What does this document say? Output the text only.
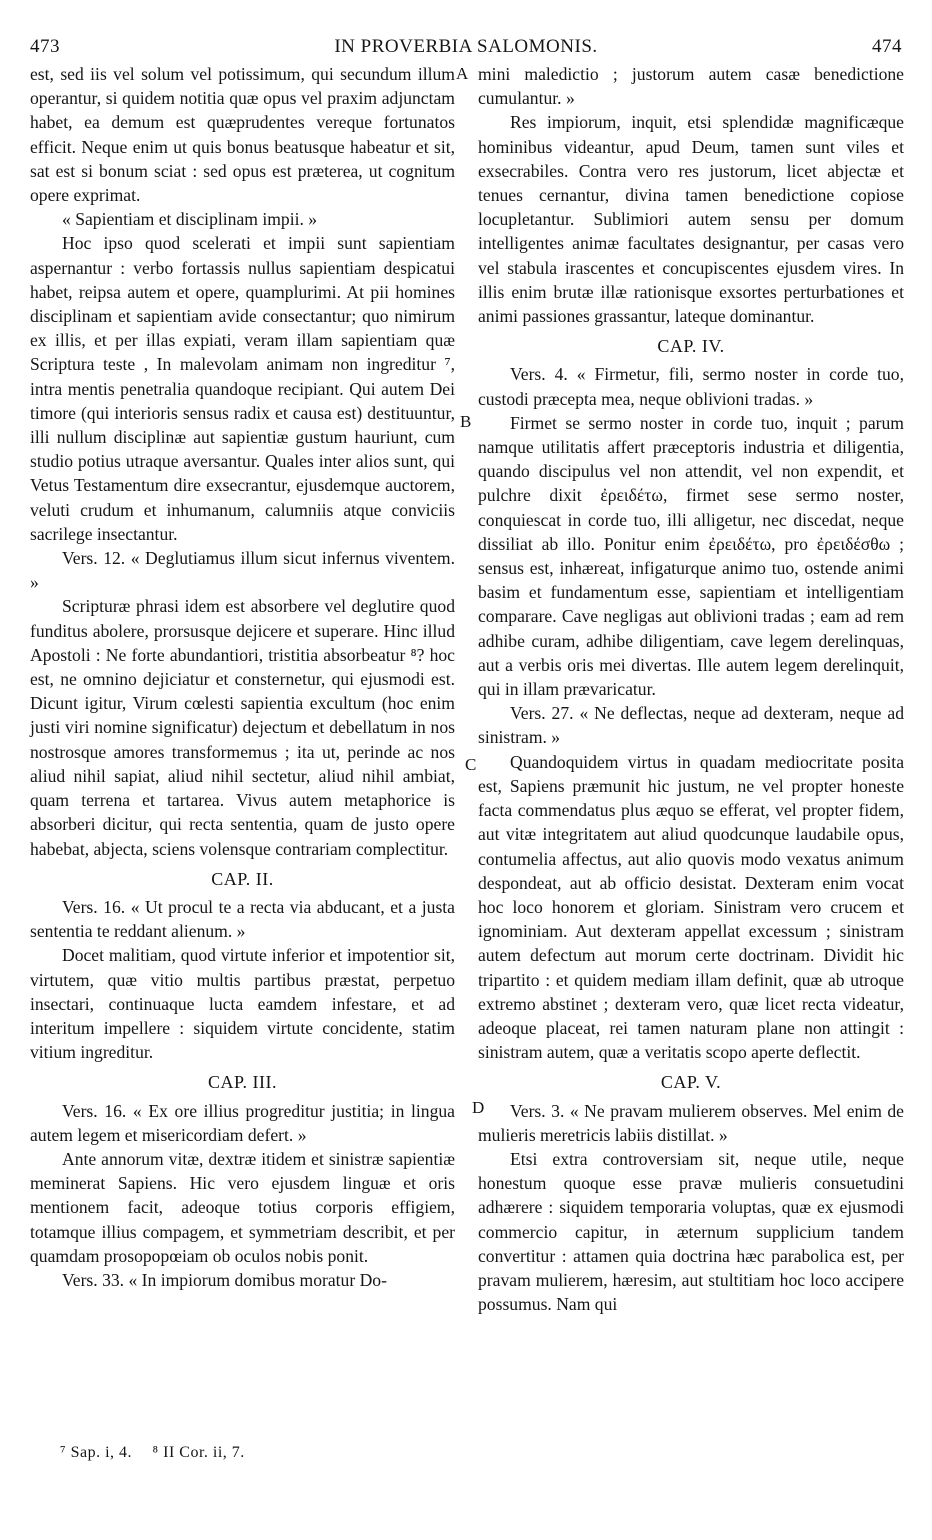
473	IN PROVERBIA SALOMONIS.	474

est, sed iis vel solum vel potissimum, qui secundum illum operantur, si quidem notitia quæ opus vel praxim adjunctam habet, ea demum est quæprudentes vereque fortunatos efficit. Neque enim ut quis bonus beatusque habeatur et sit, sat est si bonum sciat : sed opus est præterea, ut cognitum opere exprimat.

« Sapientiam et disciplinam impii. »

Hoc ipso quod scelerati et impii sunt sapientiam aspernantur : verbo fortassis nullus sapientiam despicatui habet, reipsa autem et opere, quamplurimi. At pii homines disciplinam et sapientiam avide consectantur; quo nimirum ex illis, et per illas expiati, veram illam sapientiam quæ Scriptura teste , In malevolam animam non ingreditur ⁷, intra mentis penetralia quandoque recipiant. Qui autem Dei timore (qui interioris sensus radix et causa est) destituuntur, illi nullum disciplinæ aut sapientiæ gustum hauriunt, cum studio potius utraque aversantur. Quales inter alios sunt, qui Vetus Testamentum dire exsecrantur, ejusdemque auctorem, veluti crudum et inhumanum, calumniis atque conviciis sacrilege insectantur.

Vers. 12. « Deglutiamus illum sicut infernus viventem. »

Scripturæ phrasi idem est absorbere vel deglutire quod funditus abolere, prorsusque dejicere et superare. Hinc illud Apostoli : Ne forte abundantiori, tristitia absorbeatur ⁸? hoc est, ne omnino dejiciatur et consternetur, qui ejusmodi est. Dicunt igitur, Virum cœlesti sapientia excultum (hoc enim justi viri nomine significatur) dejectum et debellatum in nos nostrosque amores transformemus ; ita ut, perinde ac nos aliud nihil sapiat, aliud nihil sectetur, aliud nihil ambiat, quam terrena et tartarea. Vivus autem metaphorice is absorberi dicitur, qui recta sententia, quam de justo opere habebat, abjecta, sciens volensque contrariam complectitur.

CAP. II.

Vers. 16. « Ut procul te a recta via abducant, et a justa sententia te reddant alienum. »

Docet malitiam, quod virtute inferior et impotentior sit, virtutem, quæ vitio multis partibus præstat, perpetuo insectari, continuaque lucta eamdem infestare, et ad interitum impellere : siquidem virtute concidente, statim vitium ingreditur.

CAP. III.

Vers. 16. « Ex ore illius progreditur justitia; in lingua autem legem et misericordiam defert. »

Ante annorum vitæ, dextræ itidem et sinistræ sapientiæ meminerat Sapiens. Hic vero ejusdem linguæ et oris mentionem facit, adeoque totius corporis effigiem, totamque illius compagem, et symmetriam describit, et per quamdam prosopopœiam ob oculos nobis ponit.

Vers. 33. « In impiorum domibus moratur Do-

mini maledictio ; justorum autem casæ benedictione cumulantur. »

Res impiorum, inquit, etsi splendidæ magnificæque hominibus videantur, apud Deum, tamen sunt viles et exsecrabiles. Contra vero res justorum, licet abjectæ et tenues cernantur, divina tamen benedictione copiose locupletantur. Sublimiori autem sensu per domum intelligentes animæ facultates designantur, per casas vero vel stabula irascentes et concupiscentes ejusdem vires. In illis enim brutæ illæ rationisque exsortes perturbationes et animi passiones grassantur, lateque dominantur.

CAP. IV.

Vers. 4. « Firmetur, fili, sermo noster in corde tuo, custodi præcepta mea, neque oblivioni tradas. »

Firmet se sermo noster in corde tuo, inquit ; parum namque utilitatis affert præceptoris industria et diligentia, quando discipulus vel non attendit, vel non expendit, et pulchre dixit ἐρειδέτω, firmet sese sermo noster, conquiescat in corde tuo, illi alligetur, nec discedat, neque dissiliat ab illo. Ponitur enim ἐρειδέτω, pro ἐρειδέσθω ; sensus est, inhæreat, infigaturque animo tuo, ostende animi basim et fundamentum esse, sapientiam et intelligentiam comparare. Cave negligas aut oblivioni tradas ; eam ad rem adhibe curam, adhibe diligentiam, cave legem derelinquas, aut a verbis oris mei divertas. Ille autem legem derelinquit, qui in illam prævaricatur.

Vers. 27. « Ne deflectas, neque ad dexteram, neque ad sinistram. »

Quandoquidem virtus in quadam mediocritate posita est, Sapiens præmunit hic justum, ne vel propter honeste facta commendatus plus æquo se efferat, vel propter fidem, aut vitæ integritatem aut aliud quodcunque laudabile opus, contumelia affectus, aut alio quovis modo vexatus animum despondeat, aut ab officio desistat. Dexteram enim vocat hoc loco honorem et gloriam. Sinistram vero crucem et ignominiam. Aut dexteram appellat excessum ; sinistram autem defectum aut morum certe doctrinam. Dividit hic tripartito : et quidem mediam illam definit, quæ ab utroque extremo abstinet ; dexteram vero, quæ licet recta videatur, adeoque placeat, rei tamen naturam plane non attingit : sinistram autem, quæ a veritatis scopo aperte deflectit.

CAP. V.

Vers. 3. « Ne pravam mulierem observes. Mel enim de mulieris meretricis labiis distillat. »

Etsi extra controversiam sit, neque utile, neque honestum quoque esse pravæ mulieris consuetudini adhærere : siquidem temporaria voluptas, quæ ex ejusmodi commercio capitur, in æternum supplicium tandem convertitur : attamen quia doctrina hæc parabolica est, per pravam mulierem, hæresim, aut stultitiam hoc loco accipere possumus. Nam qui

A
B
C
D
⁷ Sap. i, 4. ⁸ II Cor. ii, 7.
